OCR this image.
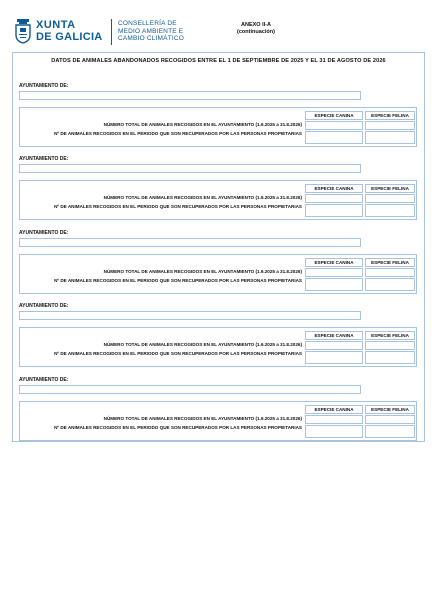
XUNTA
DE GALICIA
CONSELLERÍA DE
MEDIO AMBIENTE E
CAMBIO CLIMÁTICO
ANEXO II-A
(continuación)
DATOS DE ANIMALES ABANDONADOS RECOGIDOS ENTRE EL 1 DE SEPTIEMBRE DE 2025 Y EL 31 DE AGOSTO DE 2026
AYUNTAMIENTO DE:
ESPECIE CANINA	ESPECIE FELINA
NÚMERO TOTAL DE ANIMALES RECOGIDOS EN EL AYUNTAMIENTO (1.9.2025 a 31.8.2026)
Nº DE ANIMALES RECOGIDOS EN EL PERIODO QUE SON RECUPERADOS POR LAS PERSONAS PROPIETARIAS
AYUNTAMIENTO DE:
ESPECIE CANINA	ESPECIE FELINA
NÚMERO TOTAL DE ANIMALES RECOGIDOS EN EL AYUNTAMIENTO (1.9.2025 a 31.8.2026)
Nº DE ANIMALES RECOGIDOS EN EL PERIODO QUE SON RECUPERADOS POR LAS PERSONAS PROPIETARIAS
AYUNTAMIENTO DE:
ESPECIE CANINA	ESPECIE FELINA
NÚMERO TOTAL DE ANIMALES RECOGIDOS EN EL AYUNTAMIENTO (1.9.2025 a 31.8.2026)
Nº DE ANIMALES RECOGIDOS EN EL PERIODO QUE SON RECUPERADOS POR LAS PERSONAS PROPIETARIAS
AYUNTAMIENTO DE:
ESPECIE CANINA	ESPECIE FELINA
NÚMERO TOTAL DE ANIMALES RECOGIDOS EN EL AYUNTAMIENTO (1.9.2025 a 31.8.2026)
Nº DE ANIMALES RECOGIDOS EN EL PERIODO QUE SON RECUPERADOS POR LAS PERSONAS PROPIETARIAS
AYUNTAMIENTO DE:
ESPECIE CANINA	ESPECIE FELINA
NÚMERO TOTAL DE ANIMALES RECOGIDOS EN EL AYUNTAMIENTO (1.9.2025 a 31.8.2026)
Nº DE ANIMALES RECOGIDOS EN EL PERIODO QUE SON RECUPERADOS POR LAS PERSONAS PROPIETARIAS
